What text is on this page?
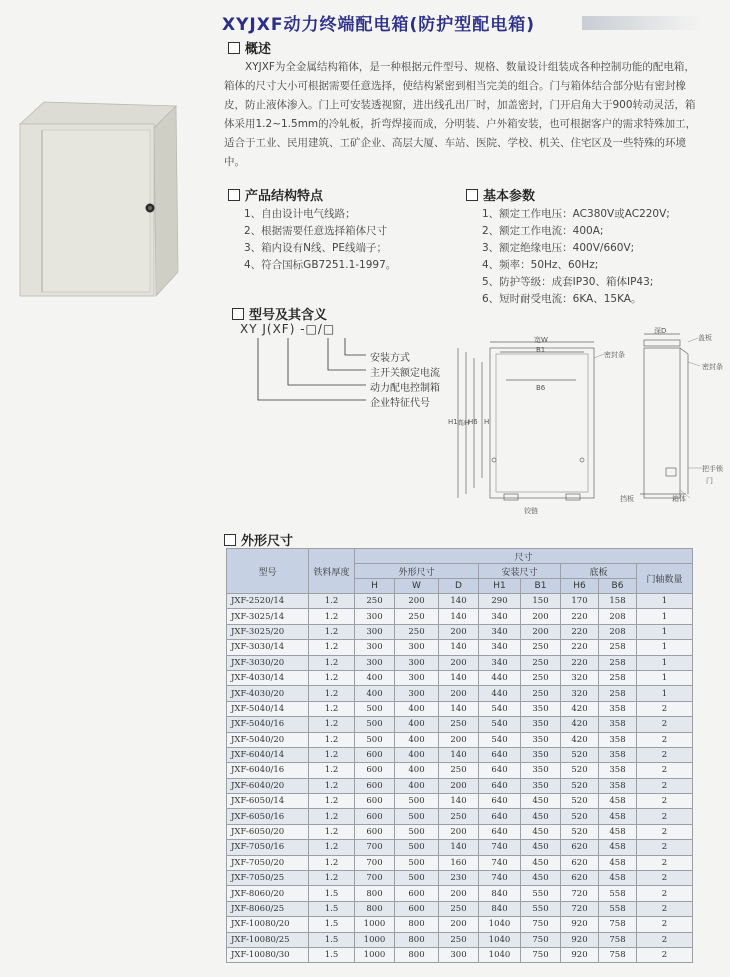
XYJXF动力终端配电箱(防护型配电箱)
概述
XYJXF为全金属结构箱体，是一种根据元件型号、规格、数量设计组装成各种控制功能的配电箱，箱体的尺寸大小可根据需要任意选择，使结构紧密到相当完美的组合。门与箱体结合部分贴有密封橡皮，防止液体渗入。门上可安装透视窗，进出线孔出厂时，加盖密封，门开启角大于900转动灵活，箱体采用1.2~1.5mm的冷轧板，折弯焊接而成，分明装、户外箱安装，也可根据客户的需求特殊加工，适合于工业、民用建筑、工矿企业、高层大厦、车站、医院、学校、机关、住宅区及一些特殊的环境中。
产品结构特点
1、自由设计电气线路；
2、根据需要任意选择箱体尺寸
3、箱内设有N线、PE线端子；
4、符合国标GB7251.1-1997。
基本参数
1、额定工作电压：AC380V或AC220V;
2、额定工作电流：400A;
3、额定绝缘电压：400V/660V;
4、频率：50Hz、60Hz;
5、防护等级：成套IP30、箱体IP43;
6、短时耐受电流：6KA、15KA。
型号及其含义
XY J(XF) -□/□
安装方式
主开关额定电流
动力配电控制箱
企业特征代号
宽W
B1
B6
H1 高H
H6 H
密封条
铰链
深D
盖板
密封条
把手锁
门
箱体
挡板
外形尺寸
型号	铁料厚度	尺寸							
		外形尺寸			安装尺寸		底板		门轴数量
		H	W	D	H1	B1	H6	B6	
JXF-2520/14	1.2	250	200	140	290	150	170	158	1
JXF-3025/14	1.2	300	250	140	340	200	220	208	1
JXF-3025/20	1.2	300	250	200	340	200	220	208	1
JXF-3030/14	1.2	300	300	140	340	250	220	258	1
JXF-3030/20	1.2	300	300	200	340	250	220	258	1
JXF-4030/14	1.2	400	300	140	440	250	320	258	1
JXF-4030/20	1.2	400	300	200	440	250	320	258	1
JXF-5040/14	1.2	500	400	140	540	350	420	358	2
JXF-5040/16	1.2	500	400	250	540	350	420	358	2
JXF-5040/20	1.2	500	400	200	540	350	420	358	2
JXF-6040/14	1.2	600	400	140	640	350	520	358	2
JXF-6040/16	1.2	600	400	250	640	350	520	358	2
JXF-6040/20	1.2	600	400	200	640	350	520	358	2
JXF-6050/14	1.2	600	500	140	640	450	520	458	2
JXF-6050/16	1.2	600	500	250	640	450	520	458	2
JXF-6050/20	1.2	600	500	200	640	450	520	458	2
JXF-7050/16	1.2	700	500	140	740	450	620	458	2
JXF-7050/20	1.2	700	500	160	740	450	620	458	2
JXF-7050/25	1.2	700	500	230	740	450	620	458	2
JXF-8060/20	1.5	800	600	200	840	550	720	558	2
JXF-8060/25	1.5	800	600	250	840	550	720	558	2
JXF-10080/20	1.5	1000	800	200	1040	750	920	758	2
JXF-10080/25	1.5	1000	800	250	1040	750	920	758	2
JXF-10080/30	1.5	1000	800	300	1040	750	920	758	2
